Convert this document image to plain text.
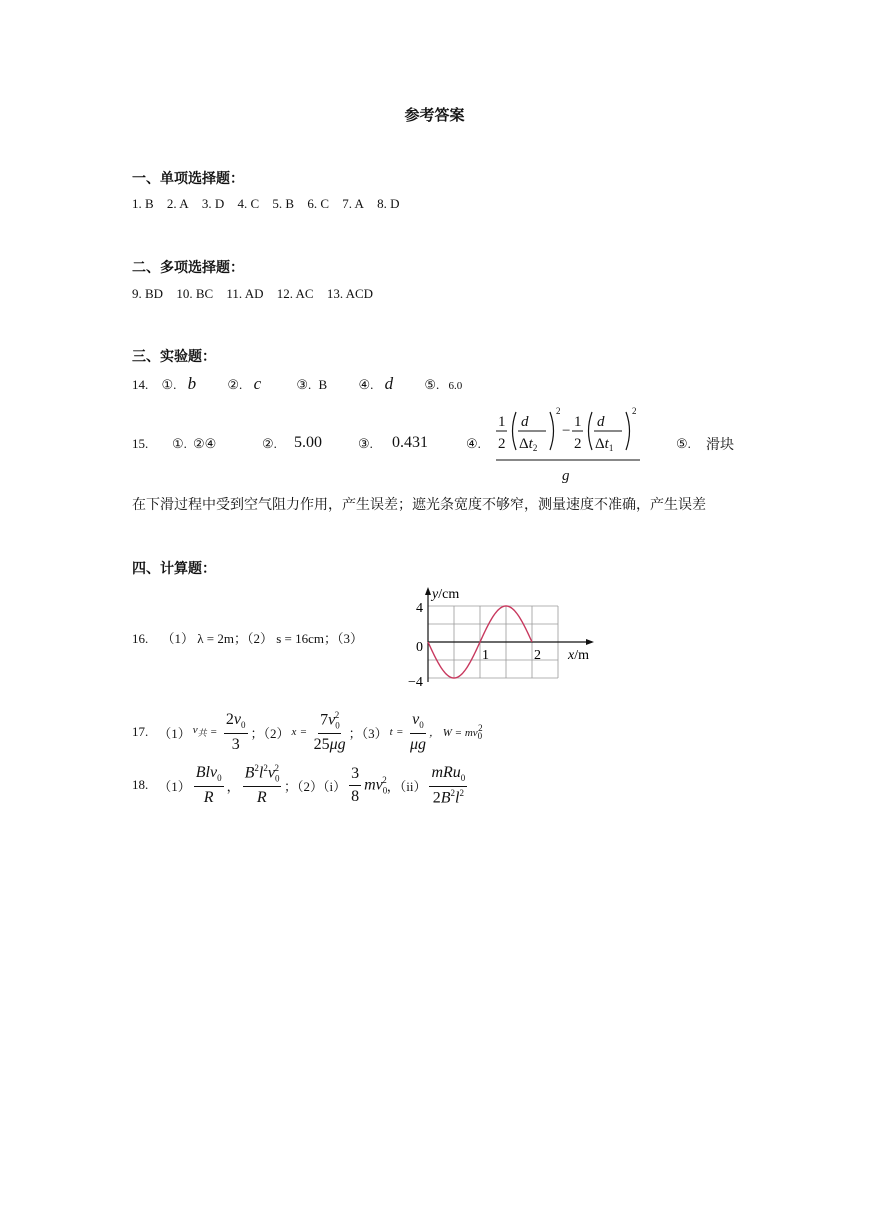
参考答案
一、单项选择题：
1. B 2. A 3. D 4. C 5. B 6. C 7. A 8. D
二、多项选择题：
9. BD 10. BC 11. AD 12. AC 13. ACD
三、实验题：
14. ①. b ②. c	③. B ④. d ⑤. 6.0
15. ①. ②④	②. 5.00	③. 0.431	④.
1
2
d
$\Delta t_2$
2
−
1
2
d
$\Delta t_1$
2
g
⑤. 滑块
在下滑过程中受到空气阻力作用，产生误差；遮光条宽度不够窄，测量速度不准确，产生误差
四、计算题：
16. （1） λ = 2m；（2） s = 16cm；（3）
y/cm
x/m
4
0
−4
1	2
17. （1） $v_共 = \frac{2v_0}{3}$ ；（2） $x = \frac{7v_0^2}{25\mu g}$ ；（3） $t = \frac{v_0}{\mu g}$ ， W = mv $_0^2$
18. $(1) \frac{Blv_0}{R}$ ， $\frac{B^2l^2v_0^2}{R}$ ；$(2)(i) \frac{3}{8} mv_0^2$ ，$(ii) \frac{mRu_0}{2B^2l^2}$
